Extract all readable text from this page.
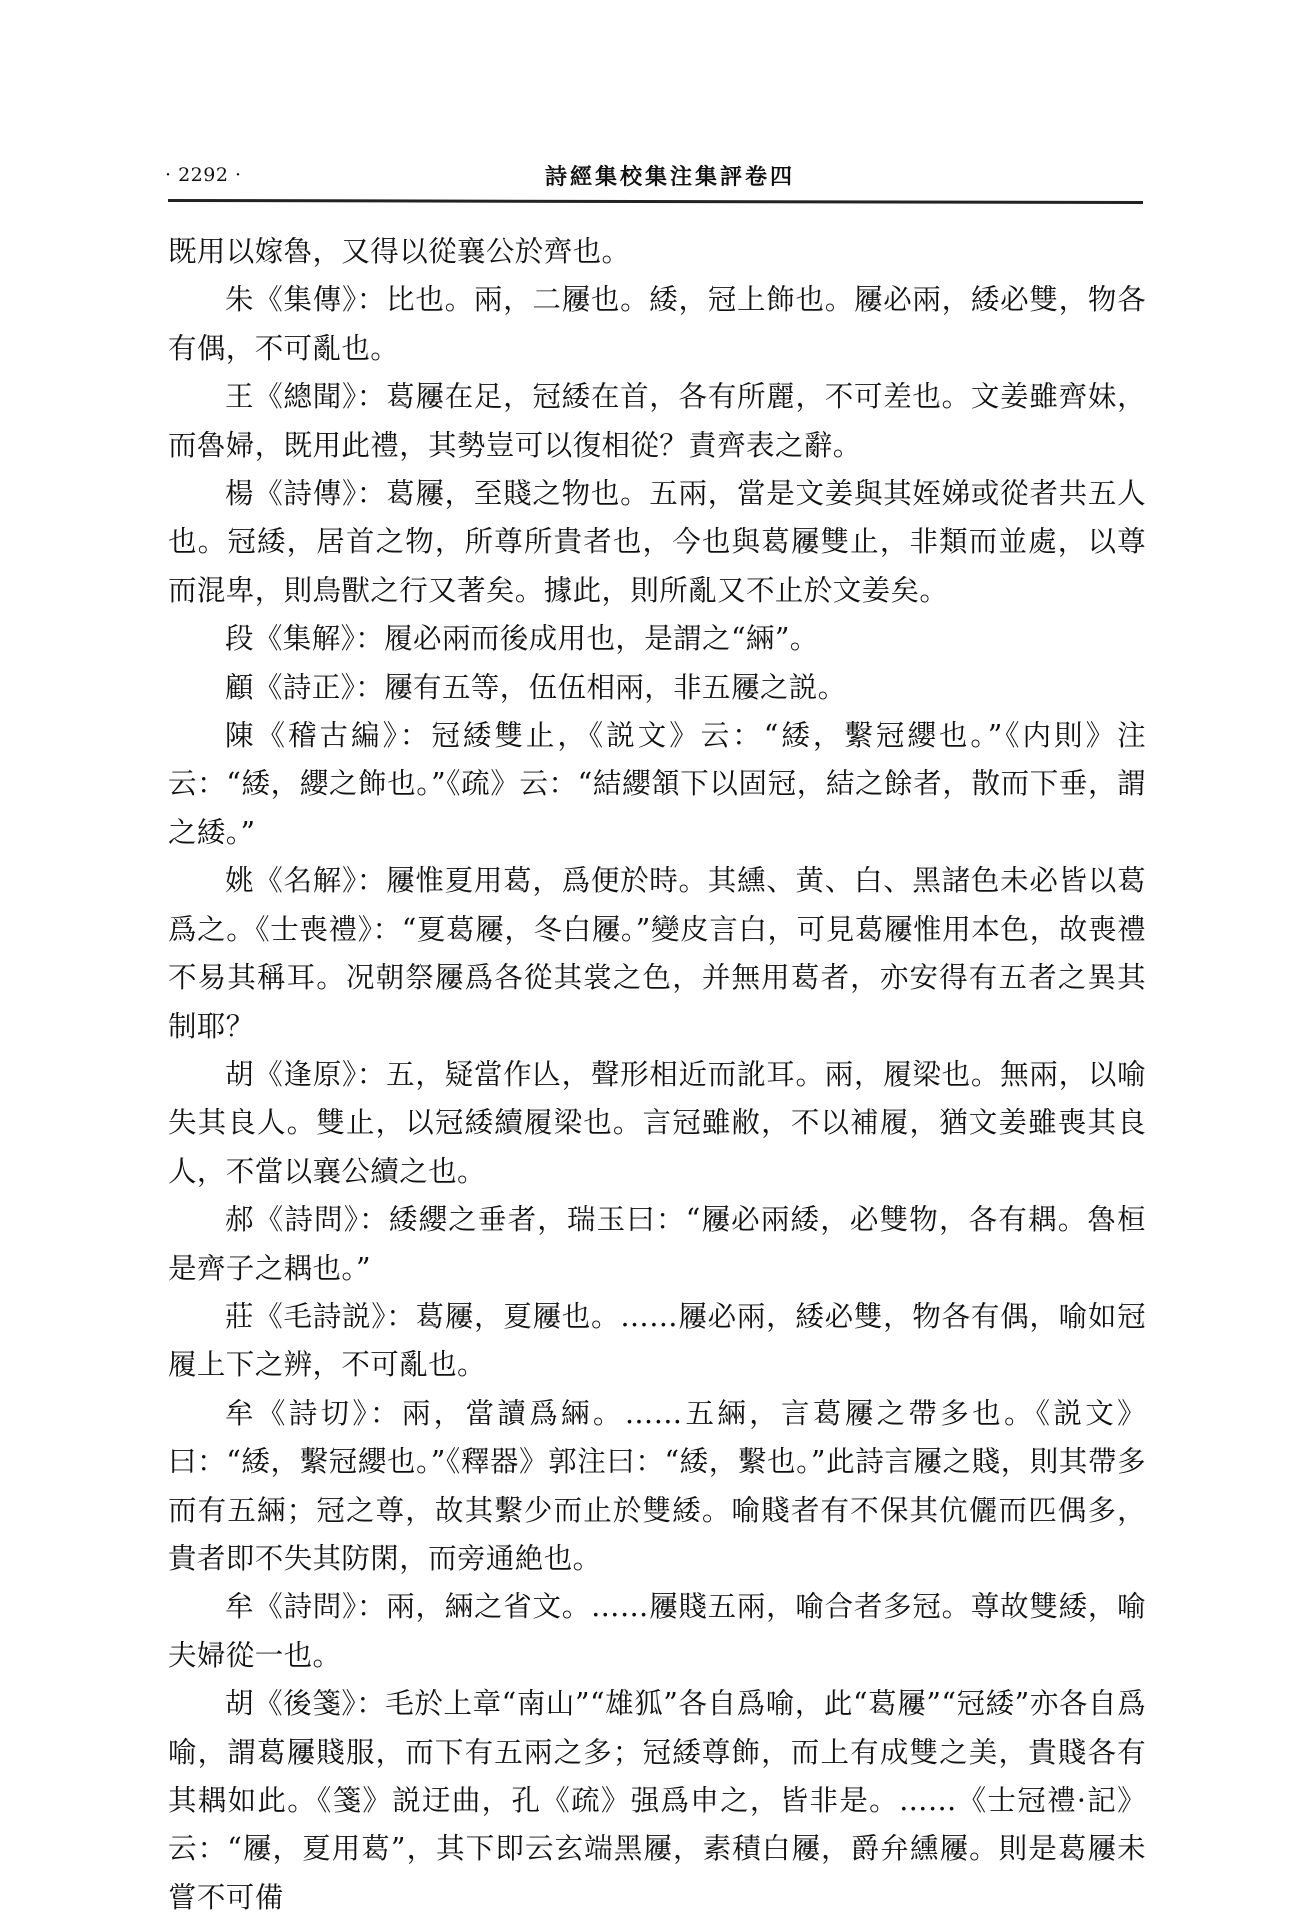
· 2292 ·	詩經集校集注集評卷四

既用以嫁魯，又得以從襄公於齊也。

朱《集傳》：比也。兩，二屨也。緌，冠上飾也。屨必兩，緌必雙，物各有偶，不可亂也。

王《總聞》：葛屨在足，冠緌在首，各有所麗，不可差也。文姜雖齊妹，而魯婦，既用此禮，其勢豈可以復相從？責齊表之辭。

楊《詩傳》：葛屨，至賤之物也。五兩，當是文姜與其姪娣或從者共五人也。冠緌，居首之物，所尊所貴者也，今也與葛屨雙止，非類而並處，以尊而混卑，則鳥獸之行又著矣。據此，則所亂又不止於文姜矣。

段《集解》：履必兩而後成用也，是謂之“緉”。

顧《詩正》：屨有五等，伍伍相兩，非五屨之説。

陳《稽古編》：冠緌雙止，《説文》云：“緌，繫冠纓也。”《内則》注云：“緌，纓之飾也。”《疏》云：“結纓頷下以固冠，結之餘者，散而下垂，謂之緌。”

姚《名解》：屨惟夏用葛，爲便於時。其纁、黄、白、黑諸色未必皆以葛爲之。《士喪禮》：“夏葛屨，冬白屨。”變皮言白，可見葛屨惟用本色，故喪禮不易其稱耳。况朝祭屨爲各從其裳之色，并無用葛者，亦安得有五者之異其制耶？

胡《逢原》：五，疑當作亾，聲形相近而訛耳。兩，履梁也。無兩，以喻失其良人。雙止，以冠緌續履梁也。言冠雖敝，不以補履，猶文姜雖喪其良人，不當以襄公續之也。

郝《詩問》：緌纓之垂者，瑞玉曰：“屨必兩緌，必雙物，各有耦。魯桓是齊子之耦也。”

莊《毛詩説》：葛屨，夏屨也。……屨必兩，緌必雙，物各有偶，喻如冠履上下之辨，不可亂也。

牟《詩切》：兩，當讀爲緉。……五緉，言葛屨之帶多也。《説文》曰：“緌，繫冠纓也。”《釋器》郭注曰：“緌，繫也。”此詩言屨之賤，則其帶多而有五緉；冠之尊，故其繫少而止於雙緌。喻賤者有不保其伉儷而匹偶多，貴者即不失其防閑，而旁通絶也。

牟《詩問》：兩，緉之省文。……屨賤五兩，喻合者多冠。尊故雙緌，喻夫婦從一也。

胡《後箋》：毛於上章“南山”“雄狐”各自爲喻，此“葛屨”“冠緌”亦各自爲喻，謂葛屨賤服，而下有五兩之多；冠緌尊飾，而上有成雙之美，貴賤各有其耦如此。《箋》説迂曲，孔《疏》强爲申之，皆非是。……《士冠禮·記》云：“屨，夏用葛”，其下即云玄端黑屨，素積白屨，爵弁纁屨。則是葛屨未嘗不可備
